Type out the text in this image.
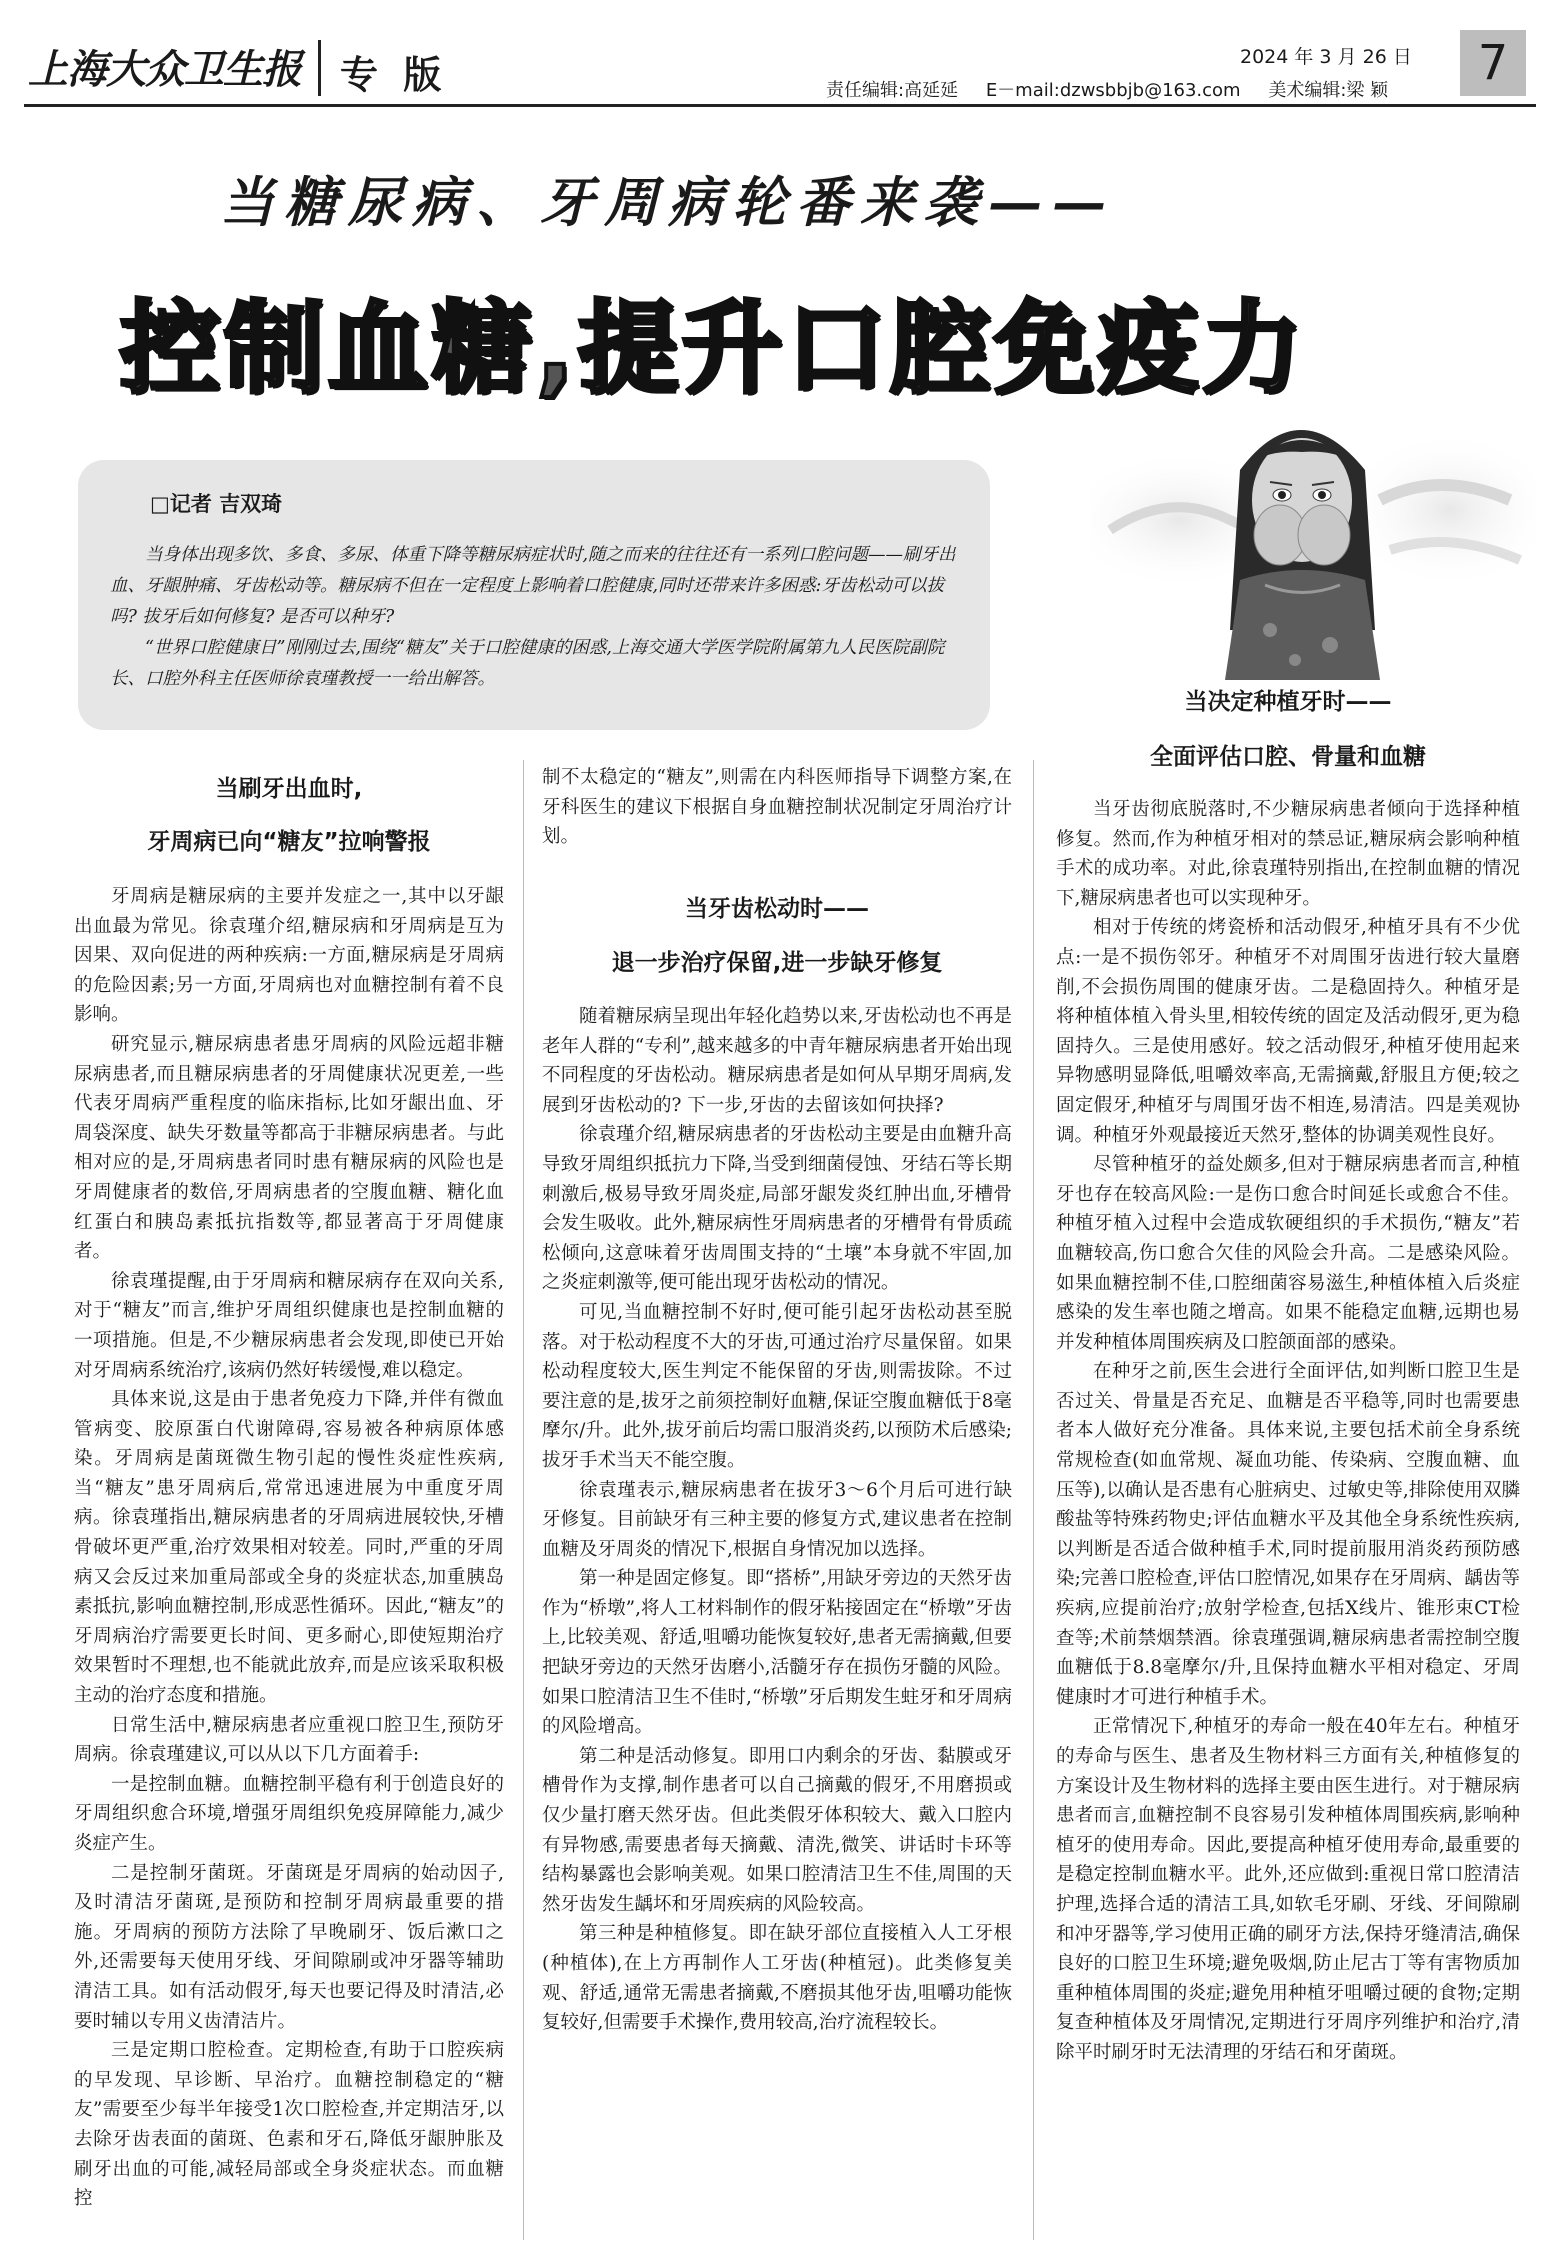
上海大众卫生报	专 版	2024 年 3 月 26 日	7
责任编辑:高延延 E－mail:dzwsbbjb@163.com 美术编辑:梁 颖
当糖尿病、牙周病轮番来袭——
控制血糖,提升口腔免疫力
□记者 吉双琦

当身体出现多饮、多食、多尿、体重下降等糖尿病症状时,随之而来的往往还有一系列口腔问题——刷牙出血、牙龈肿痛、牙齿松动等。糖尿病不但在一定程度上影响着口腔健康,同时还带来许多困惑:牙齿松动可以拔吗? 拔牙后如何修复? 是否可以种牙?

“世界口腔健康日”刚刚过去,围绕“糖友”关于口腔健康的困惑,上海交通大学医学院附属第九人民医院副院长、口腔外科主任医师徐袁瑾教授一一给出解答。

当刷牙出血时,
牙周病已向“糖友”拉响警报

牙周病是糖尿病的主要并发症之一,其中以牙龈出血最为常见。徐袁瑾介绍,糖尿病和牙周病是互为因果、双向促进的两种疾病:一方面,糖尿病是牙周病的危险因素;另一方面,牙周病也对血糖控制有着不良影响。

研究显示,糖尿病患者患牙周病的风险远超非糖尿病患者,而且糖尿病患者的牙周健康状况更差,一些代表牙周病严重程度的临床指标,比如牙龈出血、牙周袋深度、缺失牙数量等都高于非糖尿病患者。与此相对应的是,牙周病患者同时患有糖尿病的风险也是牙周健康者的数倍,牙周病患者的空腹血糖、糖化血红蛋白和胰岛素抵抗指数等,都显著高于牙周健康者。

徐袁瑾提醒,由于牙周病和糖尿病存在双向关系,对于“糖友”而言,维护牙周组织健康也是控制血糖的一项措施。但是,不少糖尿病患者会发现,即使已开始对牙周病系统治疗,该病仍然好转缓慢,难以稳定。

具体来说,这是由于患者免疫力下降,并伴有微血管病变、胶原蛋白代谢障碍,容易被各种病原体感染。牙周病是菌斑微生物引起的慢性炎症性疾病,当“糖友”患牙周病后,常常迅速进展为中重度牙周病。徐袁瑾指出,糖尿病患者的牙周病进展较快,牙槽骨破坏更严重,治疗效果相对较差。同时,严重的牙周病又会反过来加重局部或全身的炎症状态,加重胰岛素抵抗,影响血糖控制,形成恶性循环。因此,“糖友”的牙周病治疗需要更长时间、更多耐心,即使短期治疗效果暂时不理想,也不能就此放弃,而是应该采取积极主动的治疗态度和措施。

日常生活中,糖尿病患者应重视口腔卫生,预防牙周病。徐袁瑾建议,可以从以下几方面着手:

一是控制血糖。血糖控制平稳有利于创造良好的牙周组织愈合环境,增强牙周组织免疫屏障能力,减少炎症产生。

二是控制牙菌斑。牙菌斑是牙周病的始动因子,及时清洁牙菌斑,是预防和控制牙周病最重要的措施。牙周病的预防方法除了早晚刷牙、饭后漱口之外,还需要每天使用牙线、牙间隙刷或冲牙器等辅助清洁工具。如有活动假牙,每天也要记得及时清洁,必要时辅以专用义齿清洁片。

三是定期口腔检查。定期检查,有助于口腔疾病的早发现、早诊断、早治疗。血糖控制稳定的“糖友”需要至少每半年接受1次口腔检查,并定期洁牙,以去除牙齿表面的菌斑、色素和牙石,降低牙龈肿胀及刷牙出血的可能,减轻局部或全身炎症状态。而血糖控

制不太稳定的“糖友”,则需在内科医师指导下调整方案,在牙科医生的建议下根据自身血糖控制状况制定牙周治疗计划。

当牙齿松动时——
退一步治疗保留,进一步缺牙修复

随着糖尿病呈现出年轻化趋势以来,牙齿松动也不再是老年人群的“专利”,越来越多的中青年糖尿病患者开始出现不同程度的牙齿松动。糖尿病患者是如何从早期牙周病,发展到牙齿松动的? 下一步,牙齿的去留该如何抉择?

徐袁瑾介绍,糖尿病患者的牙齿松动主要是由血糖升高导致牙周组织抵抗力下降,当受到细菌侵蚀、牙结石等长期刺激后,极易导致牙周炎症,局部牙龈发炎红肿出血,牙槽骨会发生吸收。此外,糖尿病性牙周病患者的牙槽骨有骨质疏松倾向,这意味着牙齿周围支持的“土壤”本身就不牢固,加之炎症刺激等,便可能出现牙齿松动的情况。

可见,当血糖控制不好时,便可能引起牙齿松动甚至脱落。对于松动程度不大的牙齿,可通过治疗尽量保留。如果松动程度较大,医生判定不能保留的牙齿,则需拔除。不过要注意的是,拔牙之前须控制好血糖,保证空腹血糖低于8毫摩尔/升。此外,拔牙前后均需口服消炎药,以预防术后感染;拔牙手术当天不能空腹。

徐袁瑾表示,糖尿病患者在拔牙3～6个月后可进行缺牙修复。目前缺牙有三种主要的修复方式,建议患者在控制血糖及牙周炎的情况下,根据自身情况加以选择。

第一种是固定修复。即“搭桥”,用缺牙旁边的天然牙齿作为“桥墩”,将人工材料制作的假牙粘接固定在“桥墩”牙齿上,比较美观、舒适,咀嚼功能恢复较好,患者无需摘戴,但要把缺牙旁边的天然牙齿磨小,活髓牙存在损伤牙髓的风险。如果口腔清洁卫生不佳时,“桥墩”牙后期发生蛀牙和牙周病的风险增高。

第二种是活动修复。即用口内剩余的牙齿、黏膜或牙槽骨作为支撑,制作患者可以自己摘戴的假牙,不用磨损或仅少量打磨天然牙齿。但此类假牙体积较大、戴入口腔内有异物感,需要患者每天摘戴、清洗,微笑、讲话时卡环等结构暴露也会影响美观。如果口腔清洁卫生不佳,周围的天然牙齿发生龋坏和牙周疾病的风险较高。

第三种是种植修复。即在缺牙部位直接植入人工牙根(种植体),在上方再制作人工牙齿(种植冠)。此类修复美观、舒适,通常无需患者摘戴,不磨损其他牙齿,咀嚼功能恢复较好,但需要手术操作,费用较高,治疗流程较长。

当决定种植牙时——
全面评估口腔、骨量和血糖

当牙齿彻底脱落时,不少糖尿病患者倾向于选择种植修复。然而,作为种植牙相对的禁忌证,糖尿病会影响种植手术的成功率。对此,徐袁瑾特别指出,在控制血糖的情况下,糖尿病患者也可以实现种牙。

相对于传统的烤瓷桥和活动假牙,种植牙具有不少优点:一是不损伤邻牙。种植牙不对周围牙齿进行较大量磨削,不会损伤周围的健康牙齿。二是稳固持久。种植牙是将种植体植入骨头里,相较传统的固定及活动假牙,更为稳固持久。三是使用感好。较之活动假牙,种植牙使用起来异物感明显降低,咀嚼效率高,无需摘戴,舒服且方便;较之固定假牙,种植牙与周围牙齿不相连,易清洁。四是美观协调。种植牙外观最接近天然牙,整体的协调美观性良好。

尽管种植牙的益处颇多,但对于糖尿病患者而言,种植牙也存在较高风险:一是伤口愈合时间延长或愈合不佳。种植牙植入过程中会造成软硬组织的手术损伤,“糖友”若血糖较高,伤口愈合欠佳的风险会升高。二是感染风险。如果血糖控制不佳,口腔细菌容易滋生,种植体植入后炎症感染的发生率也随之增高。如果不能稳定血糖,远期也易并发种植体周围疾病及口腔颌面部的感染。

在种牙之前,医生会进行全面评估,如判断口腔卫生是否过关、骨量是否充足、血糖是否平稳等,同时也需要患者本人做好充分准备。具体来说,主要包括术前全身系统常规检查(如血常规、凝血功能、传染病、空腹血糖、血压等),以确认是否患有心脏病史、过敏史等,排除使用双膦酸盐等特殊药物史;评估血糖水平及其他全身系统性疾病,以判断是否适合做种植手术,同时提前服用消炎药预防感染;完善口腔检查,评估口腔情况,如果存在牙周病、龋齿等疾病,应提前治疗;放射学检查,包括X线片、锥形束CT检查等;术前禁烟禁酒。徐袁瑾强调,糖尿病患者需控制空腹血糖低于8.8毫摩尔/升,且保持血糖水平相对稳定、牙周健康时才可进行种植手术。

正常情况下,种植牙的寿命一般在40年左右。种植牙的寿命与医生、患者及生物材料三方面有关,种植修复的方案设计及生物材料的选择主要由医生进行。对于糖尿病患者而言,血糖控制不良容易引发种植体周围疾病,影响种植牙的使用寿命。因此,要提高种植牙使用寿命,最重要的是稳定控制血糖水平。此外,还应做到:重视日常口腔清洁护理,选择合适的清洁工具,如软毛牙刷、牙线、牙间隙刷和冲牙器等,学习使用正确的刷牙方法,保持牙缝清洁,确保良好的口腔卫生环境;避免吸烟,防止尼古丁等有害物质加重种植体周围的炎症;避免用种植牙咀嚼过硬的食物;定期复查种植体及牙周情况,定期进行牙周序列维护和治疗,清除平时刷牙时无法清理的牙结石和牙菌斑。
